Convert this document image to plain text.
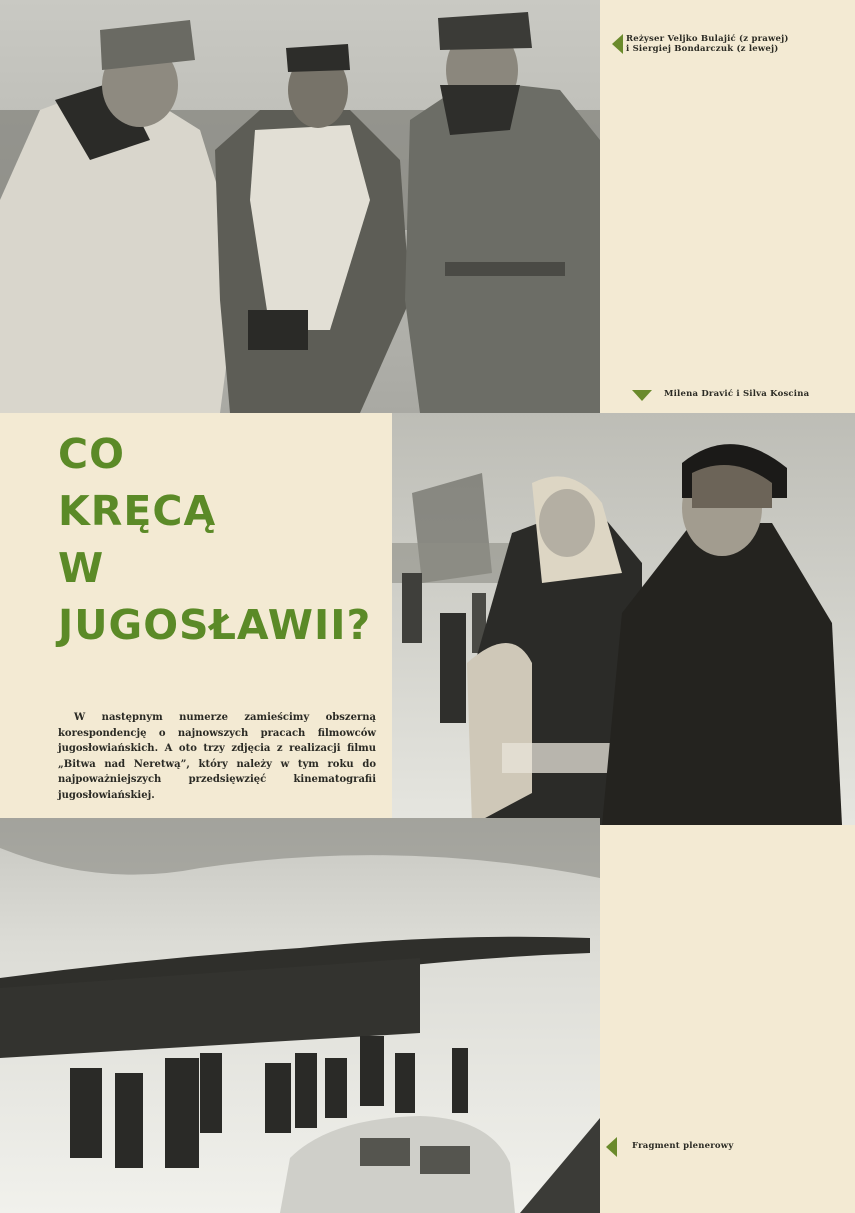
Reżyser Veljko Bulajić (z prawej)
i Siergiej Bondarczuk (z lewej)
Milena Dravić i Silva Koscina
CO
KRĘCĄ
W
JUGOSŁAWII?
W następnym numerze zamieścimy obszerną korespondencję o najnowszych pracach filmowców jugosłowiańskich. A oto trzy zdjęcia z realizacji filmu „Bitwa nad Neretwą”, który należy w tym roku do najpoważniejszych przedsięwzięć kinematografii jugosłowiańskiej.
Fragment plenerowy
